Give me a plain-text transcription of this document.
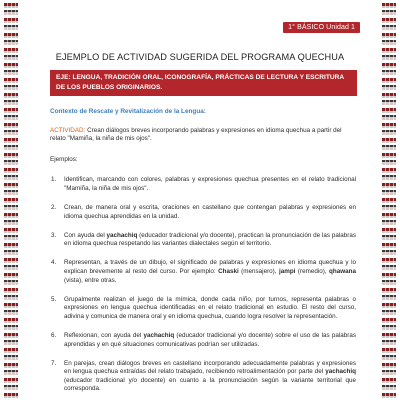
1° BÁSICO Unidad 1
EJEMPLO DE ACTIVIDAD SUGERIDA DEL PROGRAMA QUECHUA
EJE: LENGUA, TRADICIÓN ORAL, ICONOGRAFÍA, PRÁCTICAS DE LECTURA Y ESCRITURA DE LOS PUEBLOS ORIGINARIOS.
Contexto de Rescate y Revitalización de la Lengua:
ACTIVIDAD: Crean diálogos breves incorporando palabras y expresiones en idioma quechua a partir del relato "Mamiña, la niña de mis ojos".
Ejemplos:
1.	Identifican, marcando con colores, palabras y expresiones quechua presentes en el relato tradicional "Mamiña, la niña de mis ojos".
2.	Crean, de manera oral y escrita, oraciones en castellano que contengan palabras y expresiones en idioma quechua aprendidas en la unidad.
3.	Con ayuda del yachachiq (educador tradicional y/o docente), practican la pronunciación de las palabras en idioma quechua respetando las variantes dialectales según el territorio.
4.	Representan, a través de un dibujo, el significado de palabras y expresiones en idioma quechua y lo explican brevemente al resto del curso. Por ejemplo: Chaski (mensajero), jampi (remedio), qhawana (vista), entre otras.
5.	Grupalmente realizan el juego de la mímica, donde cada niño, por turnos, representa palabras o expresiones en lengua quechua identificadas en el relato tradicional en estudio. El resto del curso, adivina y comunica de manera oral y en idioma quechua, cuando logra resolver la representación.
6.	Reflexionan, con ayuda del yachachiq (educador tradicional y/o docente) sobre el uso de las palabras aprendidas y en qué situaciones comunicativas podrían ser utilizadas.
7.	En parejas, crean diálogos breves en castellano incorporando adecuadamente palabras y expresiones en lengua quechua extraídas del relato trabajado, recibiendo retroalimentación por parte del yachachiq (educador tradicional y/o docente) en cuanto a la pronunciación según la variante territorial que corresponda.
